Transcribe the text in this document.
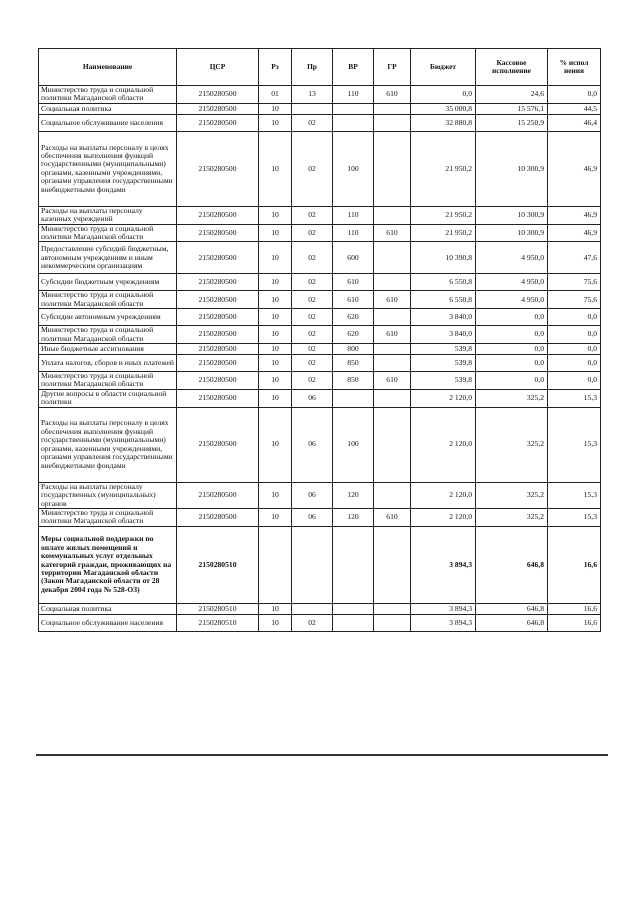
Наименование	ЦСР	Рз	Пр	ВР	ГР	Бюджет	Кассовое исполнение	% испол нения
Министерство труда и социальной политики Магаданской области	2150280500	01	13	110	610	0,0	24,6	0,0
Социальная политика	2150280500	10				35 000,8	15 576,1	44,5
Социальное обслуживание населения	2150280500	10	02			32 880,8	15 250,9	46,4
Расходы на выплаты персоналу в целях обеспечения выполнения функций государственными (муниципальными) органами, казенными учреждениями, органами управления государственными внебюджетными фондами	2150280500	10	02	100		21 950,2	10 300,9	46,9
Расходы на выплаты персоналу казенных учреждений	2150280500	10	02	110		21 950,2	10 300,9	46,9
Министерство труда и социальной политики Магаданской области	2150280500	10	02	110	610	21 950,2	10 300,9	46,9
Предоставление субсидий бюджетным, автономным учреждениям и иным некоммерческим организациям	2150280500	10	02	600		10 390,8	4 950,0	47,6
Субсидии бюджетным учреждениям	2150280500	10	02	610		6 550,8	4 950,0	75,6
Министерство труда и социальной политики Магаданской области	2150280500	10	02	610	610	6 550,8	4 950,0	75,6
Субсидии автономным учреждениям	2150280500	10	02	620		3 840,0	0,0	0,0
Министерство труда и социальной политики Магаданской области	2150280500	10	02	620	610	3 840,0	0,0	0,0
Иные бюджетные ассигнования	2150280500	10	02	800		539,8	0,0	0,0
Уплата налогов, сборов и иных платежей	2150280500	10	02	850		539,8	0,0	0,0
Министерство труда и социальной политики Магаданской области	2150280500	10	02	850	610	539,8	0,0	0,0
Другие вопросы в области социальной политики	2150280500	10	06			2 120,0	325,2	15,3
Расходы на выплаты персоналу в целях обеспечения выполнения функций государственными (муниципальными) органами, казенными учреждениями, органами управления государственными внебюджетными фондами	2150280500	10	06	100		2 120,0	325,2	15,3
Расходы на выплаты персоналу государственных (муниципальных) органов	2150280500	10	06	120		2 120,0	325,2	15,3
Министерство труда и социальной политики Магаданской области	2150280500	10	06	120	610	2 120,0	325,2	15,3
Меры социальной поддержки по оплате жилых помещений и коммунальных услуг отдельных категорий граждан, проживающих на территории Магаданской области (Закон Магаданской области от 28 декабря 2004 года № 528-ОЗ)	2150280510					3 894,3	646,8	16,6
Социальная политика	2150280510	10				3 894,3	646,8	16,6
Социальное обслуживание населения	2150280510	10	02			3 894,3	646,8	16,6
